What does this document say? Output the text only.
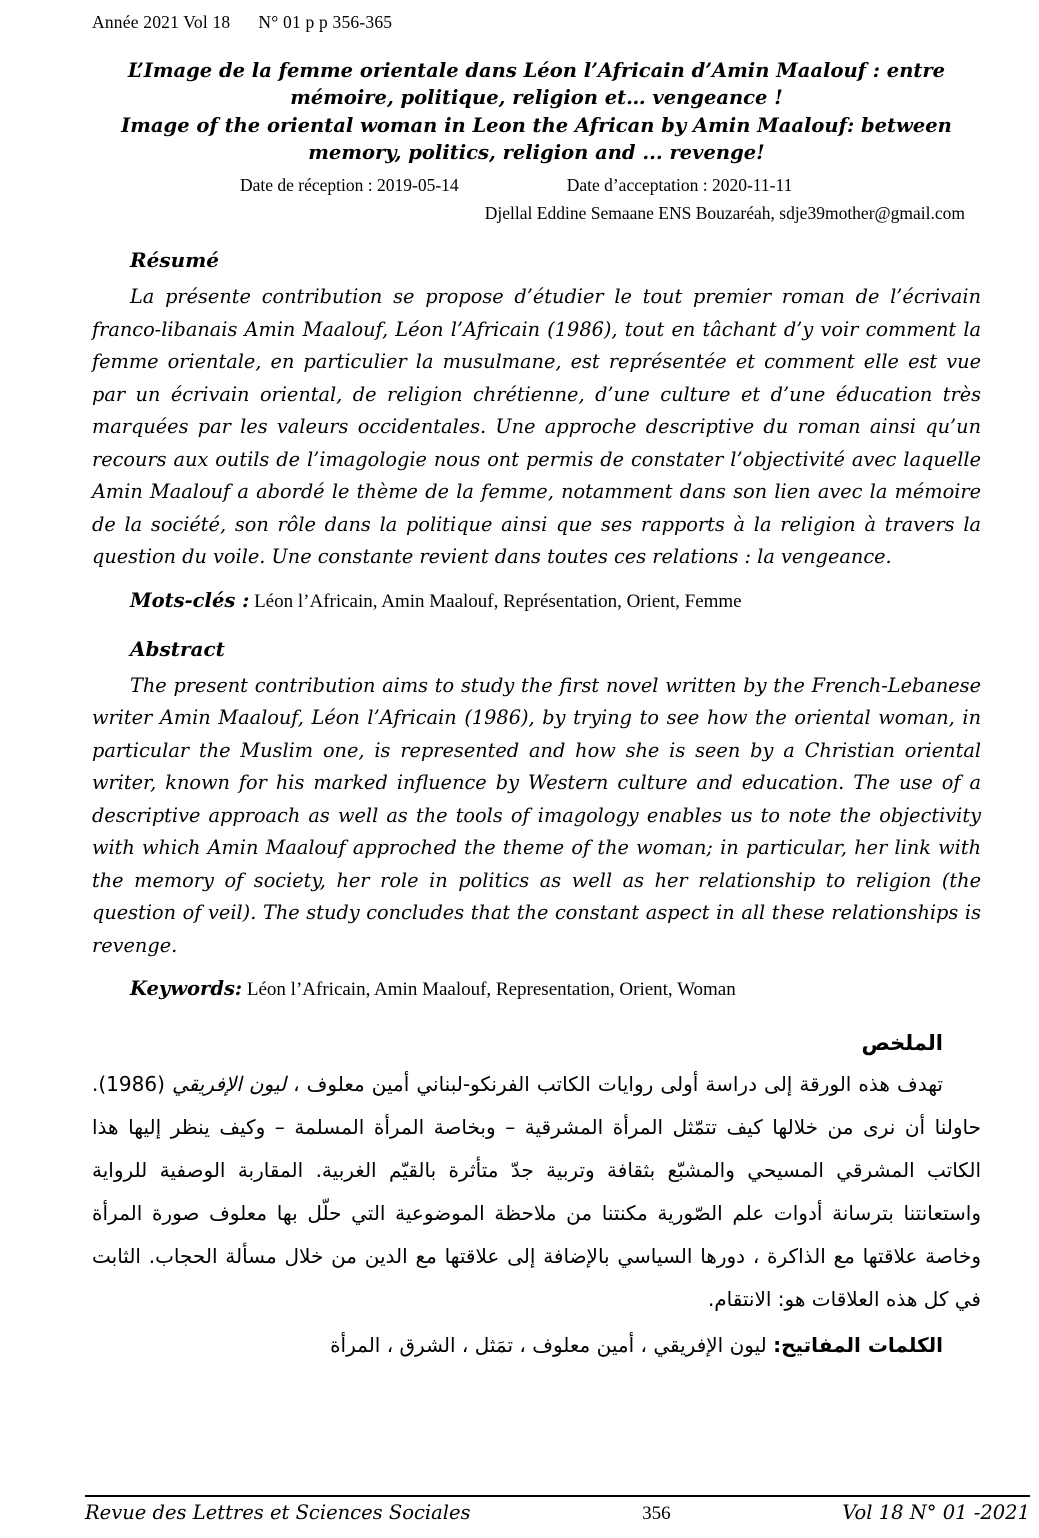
Année 2021 Vol 18 N° 01 p p 356-365
L’Image de la femme orientale dans Léon l’Africain d’Amin Maalouf : entre mémoire, politique, religion et… vengeance !
Image of the oriental woman in Leon the African by Amin Maalouf: between memory, politics, religion and ... revenge!
Date de réception : 2019-05-14	Date d’acceptation : 2020-11-11
Djellal Eddine Semaane ENS Bouzaréah, sdje39mother@gmail.com
Résumé

La présente contribution se propose d’étudier le tout premier roman de l’écrivain franco-libanais Amin Maalouf, Léon l’Africain (1986), tout en tâchant d’y voir comment la femme orientale, en particulier la musulmane, est représentée et comment elle est vue par un écrivain oriental, de religion chrétienne, d’une culture et d’une éducation très marquées par les valeurs occidentales. Une approche descriptive du roman ainsi qu’un recours aux outils de l’imagologie nous ont permis de constater l’objectivité avec laquelle Amin Maalouf a abordé le thème de la femme, notamment dans son lien avec la mémoire de la société, son rôle dans la politique ainsi que ses rapports à la religion à travers la question du voile. Une constante revient dans toutes ces relations : la vengeance.

Mots-clés : Léon l’Africain, Amin Maalouf, Représentation, Orient, Femme

Abstract

The present contribution aims to study the first novel written by the French-Lebanese writer Amin Maalouf, Léon l’Africain (1986), by trying to see how the oriental woman, in particular the Muslim one, is represented and how she is seen by a Christian oriental writer, known for his marked influence by Western culture and education. The use of a descriptive approach as well as the tools of imagology enables us to note the objectivity with which Amin Maalouf approched the theme of the woman; in particular, her link with the memory of society, her role in politics as well as her relationship to religion (the question of veil). The study concludes that the constant aspect in all these relationships is revenge.

Keywords: Léon l’Africain, Amin Maalouf, Representation, Orient, Woman

الملخص

تهدف هذه الورقة إلى دراسة أولى روايات الكاتب الفرنكو-لبناني أمين معلوف ، ليون الإفريقي (1986). حاولنا أن نرى من خلالها كيف تتمّثل المرأة المشرقية – وبخاصة المرأة المسلمة – وكيف ينظر إليها هذا الكاتب المشرقي المسيحي والمشبّع بثقافة وتربية جدّ متأثرة بالقيّم الغربية. المقاربة الوصفية للرواية واستعانتنا بترسانة أدوات علم الصّورية مكنتنا من ملاحظة الموضوعية التي حلّل بها معلوف صورة المرأة وخاصة علاقتها مع الذاكرة ، دورها السياسي بالإضافة إلى علاقتها مع الدين من خلال مسألة الحجاب. الثابت في كل هذه العلاقات هو: الانتقام.

الكلمات المفاتيح: ليون الإفريقي ، أمين معلوف ، تمَثل ، الشرق ، المرأة

Revue des Lettres et Sciences Sociales	356	Vol 18 N° 01 -2021
